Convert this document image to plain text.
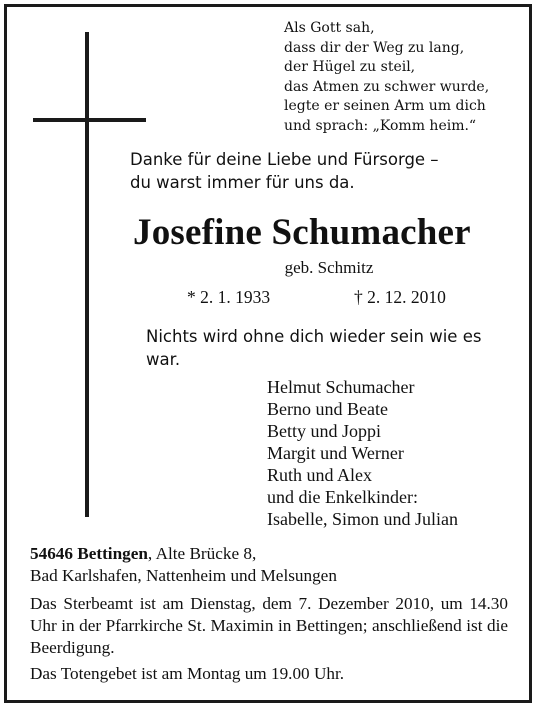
Als Gott sah,
dass dir der Weg zu lang,
der Hügel zu steil,
das Atmen zu schwer wurde,
legte er seinen Arm um dich
und sprach: „Komm heim.“
Danke für deine Liebe und Fürsorge –
du warst immer für uns da.
Josefine Schumacher
geb. Schmitz
* 2. 1. 1933	† 2. 12. 2010
Nichts wird ohne dich wieder sein wie es war.
Helmut Schumacher
Berno und Beate
Betty und Joppi
Margit und Werner
Ruth und Alex
und die Enkelkinder:
Isabelle, Simon und Julian
54646 Bettingen, Alte Brücke 8,
Bad Karlshafen, Nattenheim und Melsungen
Das Sterbeamt ist am Dienstag, dem 7. Dezember 2010, um 14.30 Uhr in der Pfarrkirche St. Maximin in Bettingen; anschließend ist die Beerdigung.
Das Totengebet ist am Montag um 19.00 Uhr.
